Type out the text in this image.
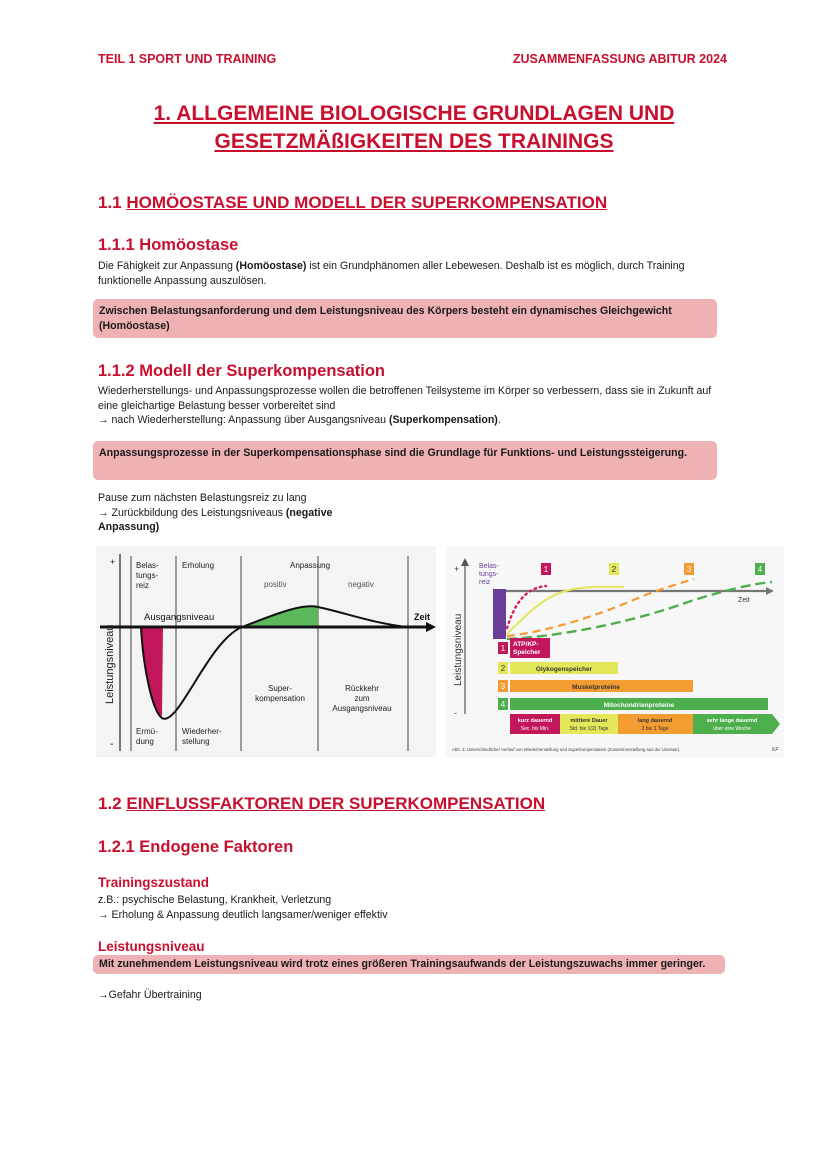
TEIL 1 SPORT UND TRAINING	ZUSAMMENFASSUNG ABITUR 2024
1. ALLGEMEINE BIOLOGISCHE GRUNDLAGEN UND
GESETZMÄßIGKEITEN DES TRAININGS
1.1 HOMÖOSTASE UND MODELL DER SUPERKOMPENSATION
1.1.1 Homöostase
Die Fähigkeit zur Anpassung (Homöostase) ist ein Grundphänomen aller Lebewesen. Deshalb ist es möglich, durch Training funktionelle Anpassung auszulösen.
Zwischen Belastungsanforderung und dem Leistungsniveau des Körpers besteht ein dynamisches Gleichgewicht (Homöostase)
1.1.2 Modell der Superkompensation
Wiederherstellungs- und Anpassungsprozesse wollen die betroffenen Teilsysteme im Körper so verbessern, dass sie in Zukunft auf eine gleichartige Belastung besser vorbereitet sind
→ nach Wiederherstellung: Anpassung über Ausgangsniveau (Superkompensation).
Anpassungsprozesse in der Superkompensationsphase sind die Grundlage für Funktions- und Leistungssteigerung.
Pause zum nächsten Belastungsreiz zu lang
→ Zurückbildung des Leistungsniveaus (negative
Anpassung)
+
-
Belas-
tungs-
reiz
Erholung	Anpassung
positiv	negativ
Ausgangsniveau	Zeit
Leistungsniveau	Super-
kompensation
Rückkehr
zum
Ausgangsniveau
Ermü-
dung
Wiederher-
stellung
+
-
Leistungsniveau
Belas-
tungs-
reiz
Zeit
1	2	3	4
1 ATP/KP-
Speicher
2	Glykogenspeicher
3	Muskelproteine
4	Mitochondrienproteine
kurz dauernd
Sec. bis Min.
mittlere Dauer
Std. bis 1(2) Tage
lang dauernd
2 bis 3 Tage
sehr lange dauernd
über eine Woche
Abb. 3: Unterschiedlicher Verlauf von Wiederherstellung und Superkompensation (Zusammenstellung aus der Literatur).	KF
1.2 EINFLUSSFAKTOREN DER SUPERKOMPENSATION
1.2.1 Endogene Faktoren
Trainingszustand
z.B.: psychische Belastung, Krankheit, Verletzung
→ Erholung & Anpassung deutlich langsamer/weniger effektiv
Leistungsniveau
Mit zunehmendem Leistungsniveau wird trotz eines größeren Trainingsaufwands der Leistungszuwachs immer geringer.
→Gefahr Übertraining
